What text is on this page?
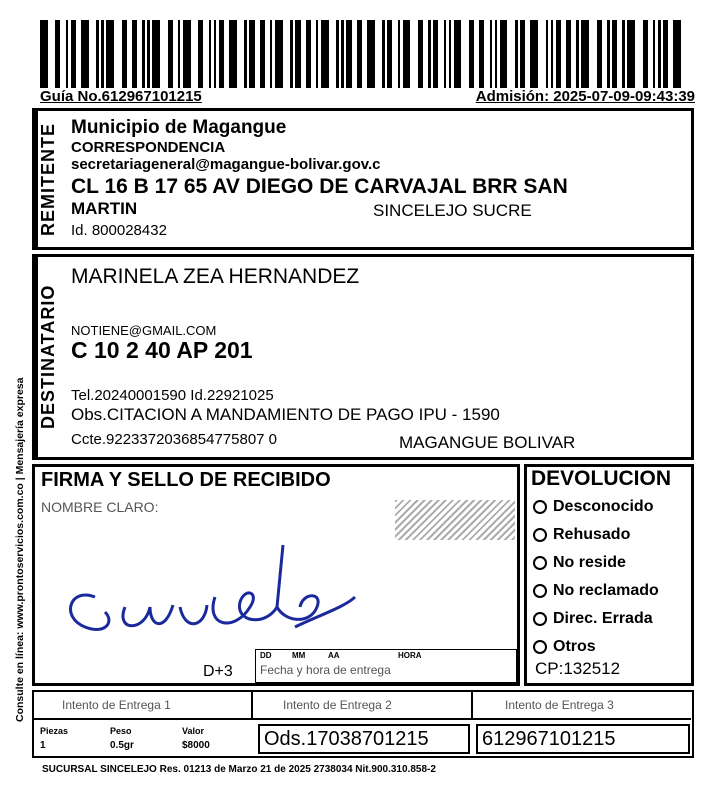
Guía No.612967101215	Admisión: 2025-07-09-09:43:39
Consulte en línea: www.prontoservicios.com.co | Mensajería expresa
REMITENTE Municipio de Magangue
CORRESPONDENCIA
secretariageneral@magangue-bolivar.gov.c
CL 16 B 17 65 AV DIEGO DE CARVAJAL BRR SAN
MARTIN	SINCELEJO SUCRE
Id. 800028432
DESTINATARIO
MARINELA ZEA HERNANDEZ
NOTIENE@GMAIL.COM
C 10 2 40 AP 201
Tel.20240001590 Id.22921025
Obs.CITACION A MANDAMIENTO DE PAGO IPU - 1590
Ccte.9223372036854775807 0	MAGANGUE BOLIVAR
FIRMA Y SELLO DE RECIBIDO
NOMBRE CLARO:
D+3
DD	MM	AA	HORA
Fecha y hora de entrega
DEVOLUCION
Desconocido
Rehusado
No reside
No reclamado
Direc. Errada
Otros
CP:132512
Intento de Entrega 1	Intento de Entrega 2	Intento de Entrega 3
Piezas
1
Peso
0.5gr
Valor
$8000	Ods.17038701215	612967101215
SUCURSAL SINCELEJO Res. 01213 de Marzo 21 de 2025 2738034 Nit.900.310.858-2
